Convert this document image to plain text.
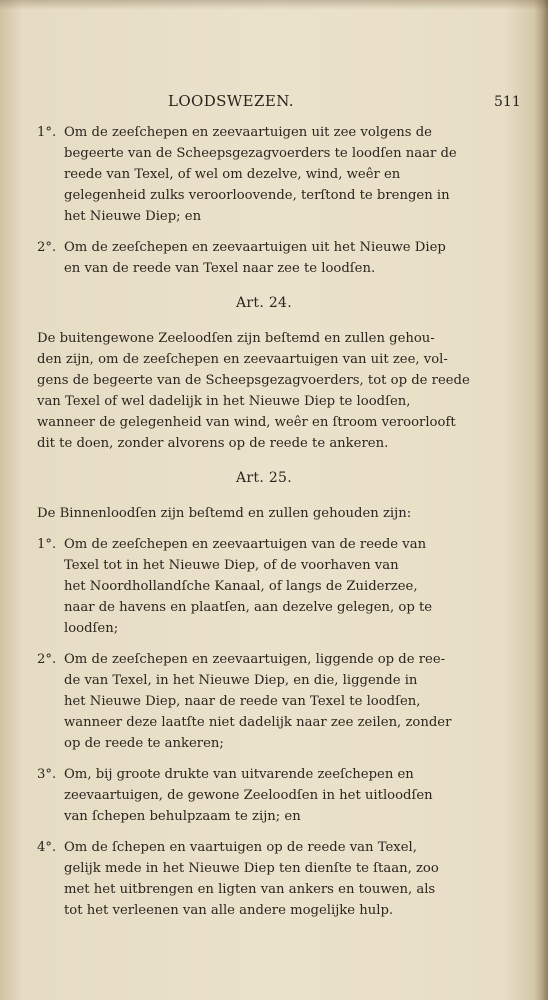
LOODSWEZEN.	511
1°. Om de zeeſchepen en zeevaartuigen uit zee volgens de
begeerte van de Scheepsgezagvoerders te loodſen naar de
reede van Texel, of wel om dezelve, wind, weêr en
gelegenheid zulks veroorloovende, terſtond te brengen in
het Nieuwe Diep; en
2°. Om de zeeſchepen en zeevaartuigen uit het Nieuwe Diep
en van de reede van Texel naar zee te loodſen.
Art. 24.
De buitengewone Zeeloodſen zijn beſtemd en zullen gehou-
den zijn, om de zeeſchepen en zeevaartuigen van uit zee, vol-
gens de begeerte van de Scheepsgezagvoerders, tot op de reede
van Texel of wel dadelijk in het Nieuwe Diep te loodſen,
wanneer de gelegenheid van wind, weêr en ſtroom veroorlooft
dit te doen, zonder alvorens op de reede te ankeren.
Art. 25.
De Binnenloodſen zijn beſtemd en zullen gehouden zijn:
1°. Om de zeeſchepen en zeevaartuigen van de reede van
Texel tot in het Nieuwe Diep, of de voorhaven van
het Noordhollandſche Kanaal, of langs de Zuiderzee,
naar de havens en plaatſen, aan dezelve gelegen, op te
loodſen;
2°. Om de zeeſchepen en zeevaartuigen, liggende op de ree-
de van Texel, in het Nieuwe Diep, en die, liggende in
het Nieuwe Diep, naar de reede van Texel te loodſen,
wanneer deze laatſte niet dadelijk naar zee zeilen, zonder
op de reede te ankeren;
3°. Om, bij groote drukte van uitvarende zeeſchepen en
zeevaartuigen, de gewone Zeeloodſen in het uitloodſen
van ſchepen behulpzaam te zijn; en
4°. Om de ſchepen en vaartuigen op de reede van Texel,
gelijk mede in het Nieuwe Diep ten dienſte te ſtaan, zoo
met het uitbrengen en ligten van ankers en touwen, als
tot het verleenen van alle andere mogelijke hulp.
